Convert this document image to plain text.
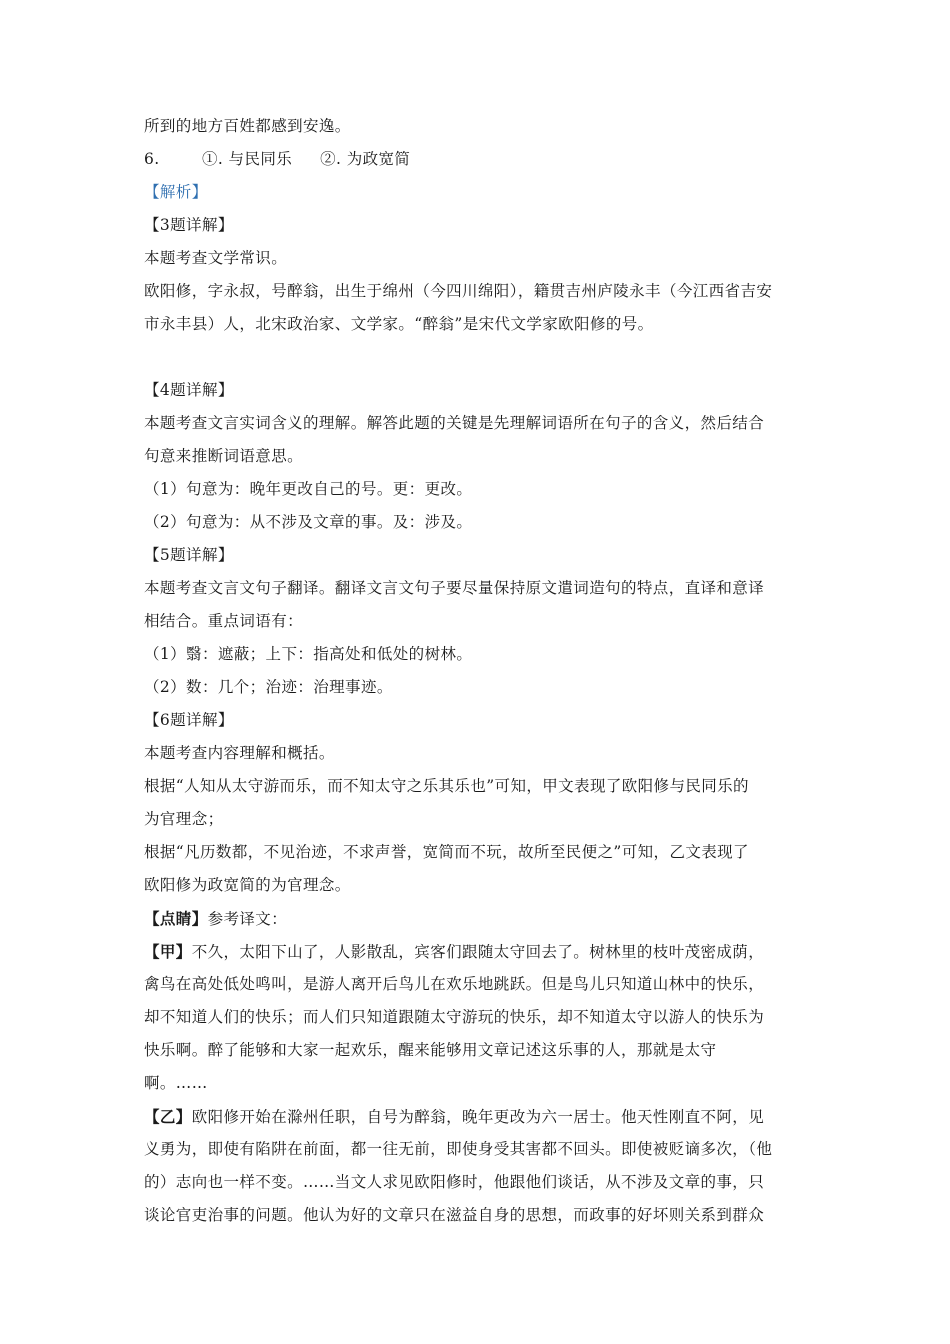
所到的地方百姓都感到安逸。
6.	①. 与民同乐 ②. 为政宽简
【解析】
【3题详解】
本题考查文学常识。
欧阳修，字永叔，号醉翁，出生于绵州（今四川绵阳），籍贯吉州庐陵永丰（今江西省吉安
市永丰县）人，北宋政治家、文学家。“醉翁”是宋代文学家欧阳修的号。
【4题详解】
本题考查文言实词含义的理解。解答此题的关键是先理解词语所在句子的含义，然后结合
句意来推断词语意思。
（1）句意为：晚年更改自己的号。更：更改。
（2）句意为：从不涉及文章的事。及：涉及。
【5题详解】
本题考查文言文句子翻译。翻译文言文句子要尽量保持原文遣词造句的特点，直译和意译
相结合。重点词语有：
（1）翳：遮蔽；上下：指高处和低处的树林。
（2）数：几个；治迹：治理事迹。
【6题详解】
本题考查内容理解和概括。
根据“人知从太守游而乐，而不知太守之乐其乐也”可知，甲文表现了欧阳修与民同乐的
为官理念；
根据“凡历数都，不见治迹，不求声誉，宽简而不玩，故所至民便之”可知，乙文表现了
欧阳修为政宽简的为官理念。
【点睛】参考译文：
【甲】不久，太阳下山了，人影散乱，宾客们跟随太守回去了。树林里的枝叶茂密成荫，
禽鸟在高处低处鸣叫，是游人离开后鸟儿在欢乐地跳跃。但是鸟儿只知道山林中的快乐，
却不知道人们的快乐；而人们只知道跟随太守游玩的快乐，却不知道太守以游人的快乐为
快乐啊。醉了能够和大家一起欢乐，醒来能够用文章记述这乐事的人，那就是太守
啊。……
【乙】欧阳修开始在滁州任职，自号为醉翁，晚年更改为六一居士。他天性刚直不阿，见
义勇为，即使有陷阱在前面，都一往无前，即使身受其害都不回头。即使被贬谪多次，（他
的）志向也一样不变。……当文人求见欧阳修时，他跟他们谈话，从不涉及文章的事，只
谈论官吏治事的问题。他认为好的文章只在滋益自身的思想，而政事的好坏则关系到群众
